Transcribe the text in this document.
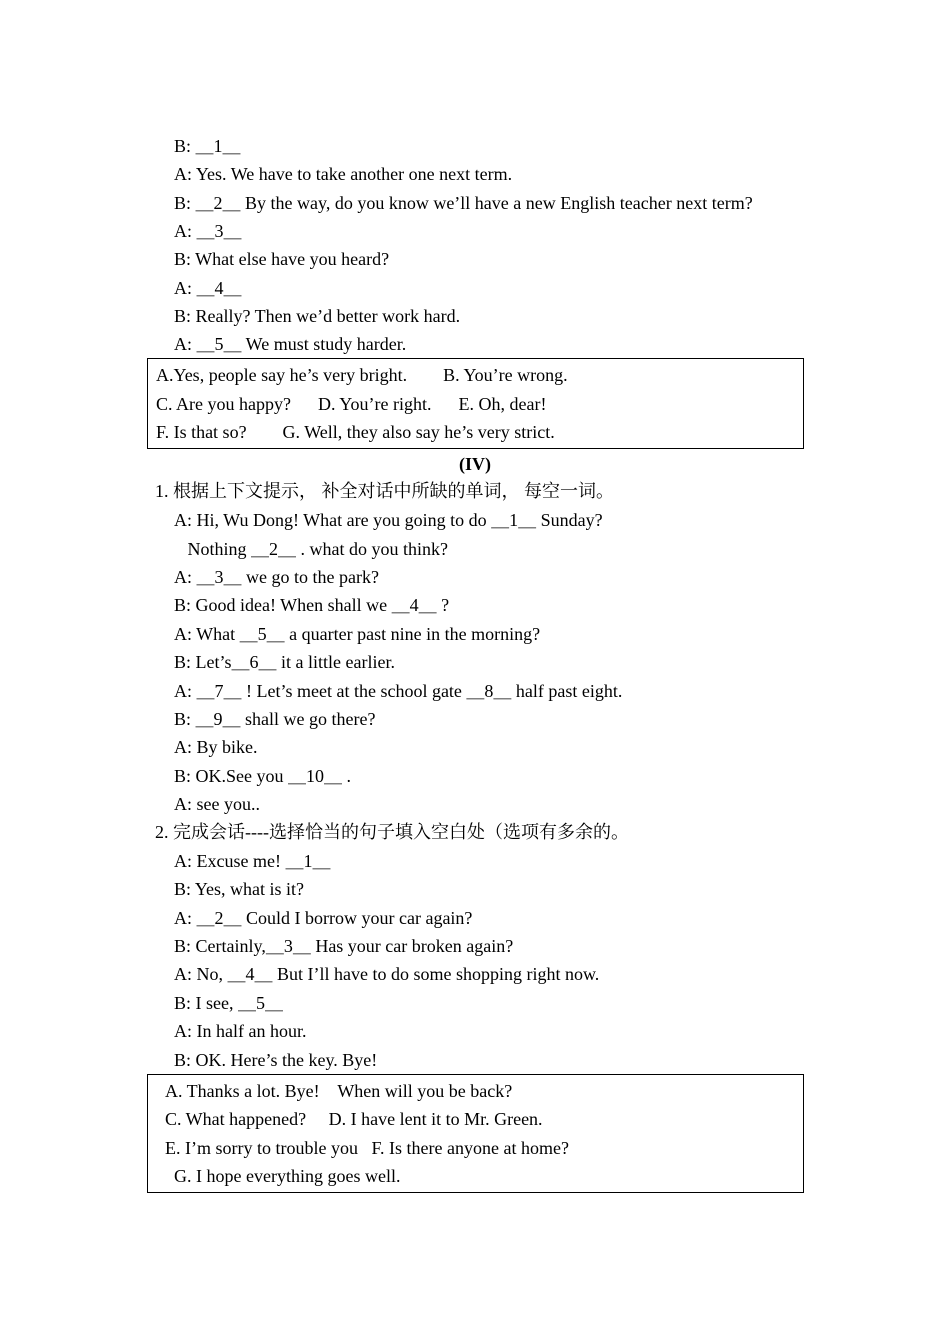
B: ＿1＿
A: Yes. We have to take another one next term.
B: ＿2＿ By the way, do you know we’ll have a new English teacher next term?
A: ＿3＿
B: What else have you heard?
A: ＿4＿
B: Really? Then we’d better work hard.
A: ＿5＿ We must study harder.
A.Yes, people say he’s very bright.        B. You’re wrong.
C. Are you happy?      D. You’re right.      E. Oh, dear!
F. Is that so?        G. Well, they also say he’s very strict.
(IV)
1. 根据上下文提示， 补全对话中所缺的单词， 每空一词。
A: Hi, Wu Dong! What are you going to do ＿1＿ Sunday?
Nothing ＿2＿ . what do you think?
A: ＿3＿ we go to the park?
B: Good idea! When shall we ＿4＿ ?
A: What ＿5＿ a quarter past nine in the morning?
B: Let’s＿6＿ it a little earlier.
A: ＿7＿ ! Let’s meet at the school gate ＿8＿ half past eight.
B: ＿9＿ shall we go there?
A: By bike.
B: OK.See you ＿10＿ .
A: see you..
2. 完成会话----选择恰当的句子填入空白处（选项有多余的。
A: Excuse me! ＿1＿
B: Yes, what is it?
A: ＿2＿ Could I borrow your car again?
B: Certainly,＿3＿ Has your car broken again?
A: No, ＿4＿ But I’ll have to do some shopping right now.
B: I see, ＿5＿
A: In half an hour.
B: OK. Here’s the key. Bye!
A. Thanks a lot. Bye!    When will you be back?
C. What happened?     D. I have lent it to Mr. Green.
E. I’m sorry to trouble you   F. Is there anyone at home?
G. I hope everything goes well.
